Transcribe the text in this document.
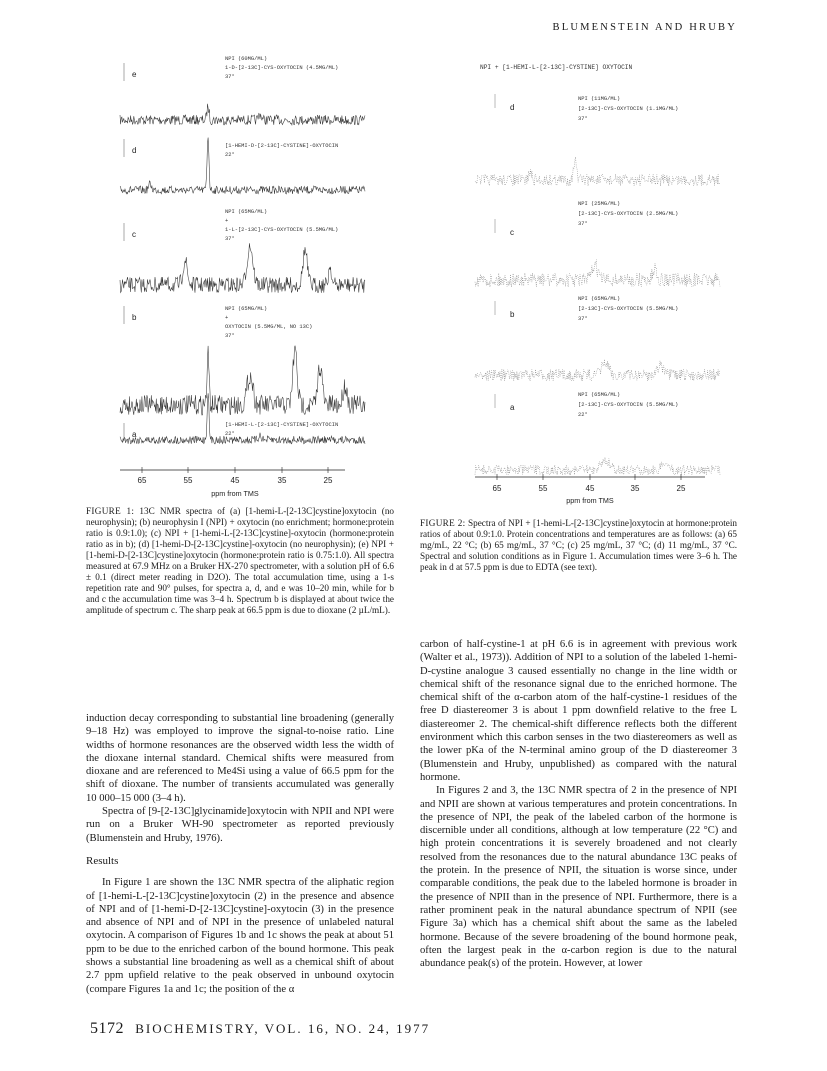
BLUMENSTEIN AND HRUBY
e
NPI (60MG/ML)
1-D-[2-13C]-CYS-OXYTOCIN (4.5MG/ML)
37°
d	[1-HEMI-D-[2-13C]-CYSTINE]-OXYTOCIN
22°
c
NPI (65MG/ML)
+
1-L-[2-13C]-CYS-OXYTOCIN (5.5MG/ML)
37°
b
NPI (65MG/ML)
+
OXYTOCIN (5.5MG/ML, NO 13C)
37°
a
[1-HEMI-L-[2-13C]-CYSTINE]-OXYTOCIN
22°
65	55	45	35	25
ppm from TMS
FIGURE 1: 13C NMR spectra of (a) [1-hemi-L-[2-13C]cystine]oxytocin (no neurophysin); (b) neurophysin I (NPI) + oxytocin (no enrichment; hormone:protein ratio is 0.9:1.0); (c) NPI + [1-hemi-L-[2-13C]cystine]-oxytocin (hormone:protein ratio as in b); (d) [1-hemi-D-[2-13C]cystine]-oxytocin (no neurophysin); (e) NPI + [1-hemi-D-[2-13C]cystine]oxytocin (hormone:protein ratio is 0.75:1.0). All spectra measured at 67.9 MHz on a Bruker HX-270 spectrometer, with a solution pH of 6.6 ± 0.1 (direct meter reading in D2O). The total accumulation time, using a 1-s repetition rate and 90° pulses, for spectra a, d, and e was 10–20 min, while for b and c the accumulation time was 3–4 h. Spectrum b is displayed at about twice the amplitude of spectrum c. The sharp peak at 66.5 ppm is due to dioxane (2 µL/mL).
NPI + [1-HEMI-L-[2-13C]-CYSTINE] OXYTOCIN
d
NPI (11MG/ML)
[2-13C]-CYS-OXYTOCIN (1.1MG/ML)
37°
c
NPI (25MG/ML)
[2-13C]-CYS-OXYTOCIN (2.5MG/ML)
37°
b
NPI (65MG/ML)
[2-13C]-CYS-OXYTOCIN (5.5MG/ML)
37°
a
NPI (65MG/ML)
[2-13C]-CYS-OXYTOCIN (5.5MG/ML)
22°
65	55	45	35	25
ppm from TMS
FIGURE 2: Spectra of NPI + [1-hemi-L-[2-13C]cystine]oxytocin at hormone:protein ratios of about 0.9:1.0. Protein concentrations and temperatures are as follows: (a) 65 mg/mL, 22 °C; (b) 65 mg/mL, 37 °C; (c) 25 mg/mL, 37 °C; (d) 11 mg/mL, 37 °C. Spectral and solution conditions as in Figure 1. Accumulation times were 3–6 h. The peak in d at 57.5 ppm is due to EDTA (see text).

induction decay corresponding to substantial line broadening (generally 9–18 Hz) was employed to improve the signal-to-noise ratio. Line widths of hormone resonances are the observed width less the width of the dioxane internal standard. Chemical shifts were measured from dioxane and are referenced to Me4Si using a value of 66.5 ppm for the shift of dioxane. The number of transients accumulated was generally 10 000–15 000 (3–4 h).

Spectra of [9-[2-13C]glycinamide]oxytocin with NPII and NPI were run on a Bruker WH-90 spectrometer as reported previously (Blumenstein and Hruby, 1976).

Results

In Figure 1 are shown the 13C NMR spectra of the aliphatic region of [1-hemi-L-[2-13C]cystine]oxytocin (2) in the presence and absence of NPI and of [1-hemi-D-[2-13C]cystine]-oxytocin (3) in the presence and absence of NPI and of NPI in the presence of unlabeled natural oxytocin. A comparison of Figures 1b and 1c shows the peak at about 51 ppm to be due to the enriched carbon of the bound hormone. This peak shows a substantial line broadening as well as a chemical shift of about 2.7 ppm upfield relative to the peak observed in unbound oxytocin (compare Figures 1a and 1c; the position of the α

carbon of half-cystine-1 at pH 6.6 is in agreement with previous work (Walter et al., 1973)). Addition of NPI to a solution of the labeled 1-hemi-D-cystine analogue 3 caused essentially no change in the line width or chemical shift of the resonance signal due to the enriched hormone. The chemical shift of the α-carbon atom of the half-cystine-1 residues of the free D diastereomer 3 is about 1 ppm downfield relative to the free L diastereomer 2. The chemical-shift difference reflects both the different environment which this carbon senses in the two diastereomers as well as the lower pKa of the N-terminal amino group of the D diastereomer 3 (Blumenstein and Hruby, unpublished) as compared with the natural hormone.

In Figures 2 and 3, the 13C NMR spectra of 2 in the presence of NPI and NPII are shown at various temperatures and protein concentrations. In the presence of NPI, the peak of the labeled carbon of the hormone is discernible under all conditions, although at low temperature (22 °C) and high protein concentrations it is severely broadened and not clearly resolved from the resonances due to the natural abundance 13C peaks of the protein. In the presence of NPII, the situation is worse since, under comparable conditions, the peak due to the labeled hormone is broader in the presence of NPII than in the presence of NPI. Furthermore, there is a rather prominent peak in the natural abundance spectrum of NPII (see Figure 3a) which has a chemical shift about the same as the labeled hormone. Because of the severe broadening of the bound hormone peak, often the largest peak in the α-carbon region is due to the natural abundance peak(s) of the protein. However, at lower

5172 BIOCHEMISTRY, VOL. 16, NO. 24, 1977
